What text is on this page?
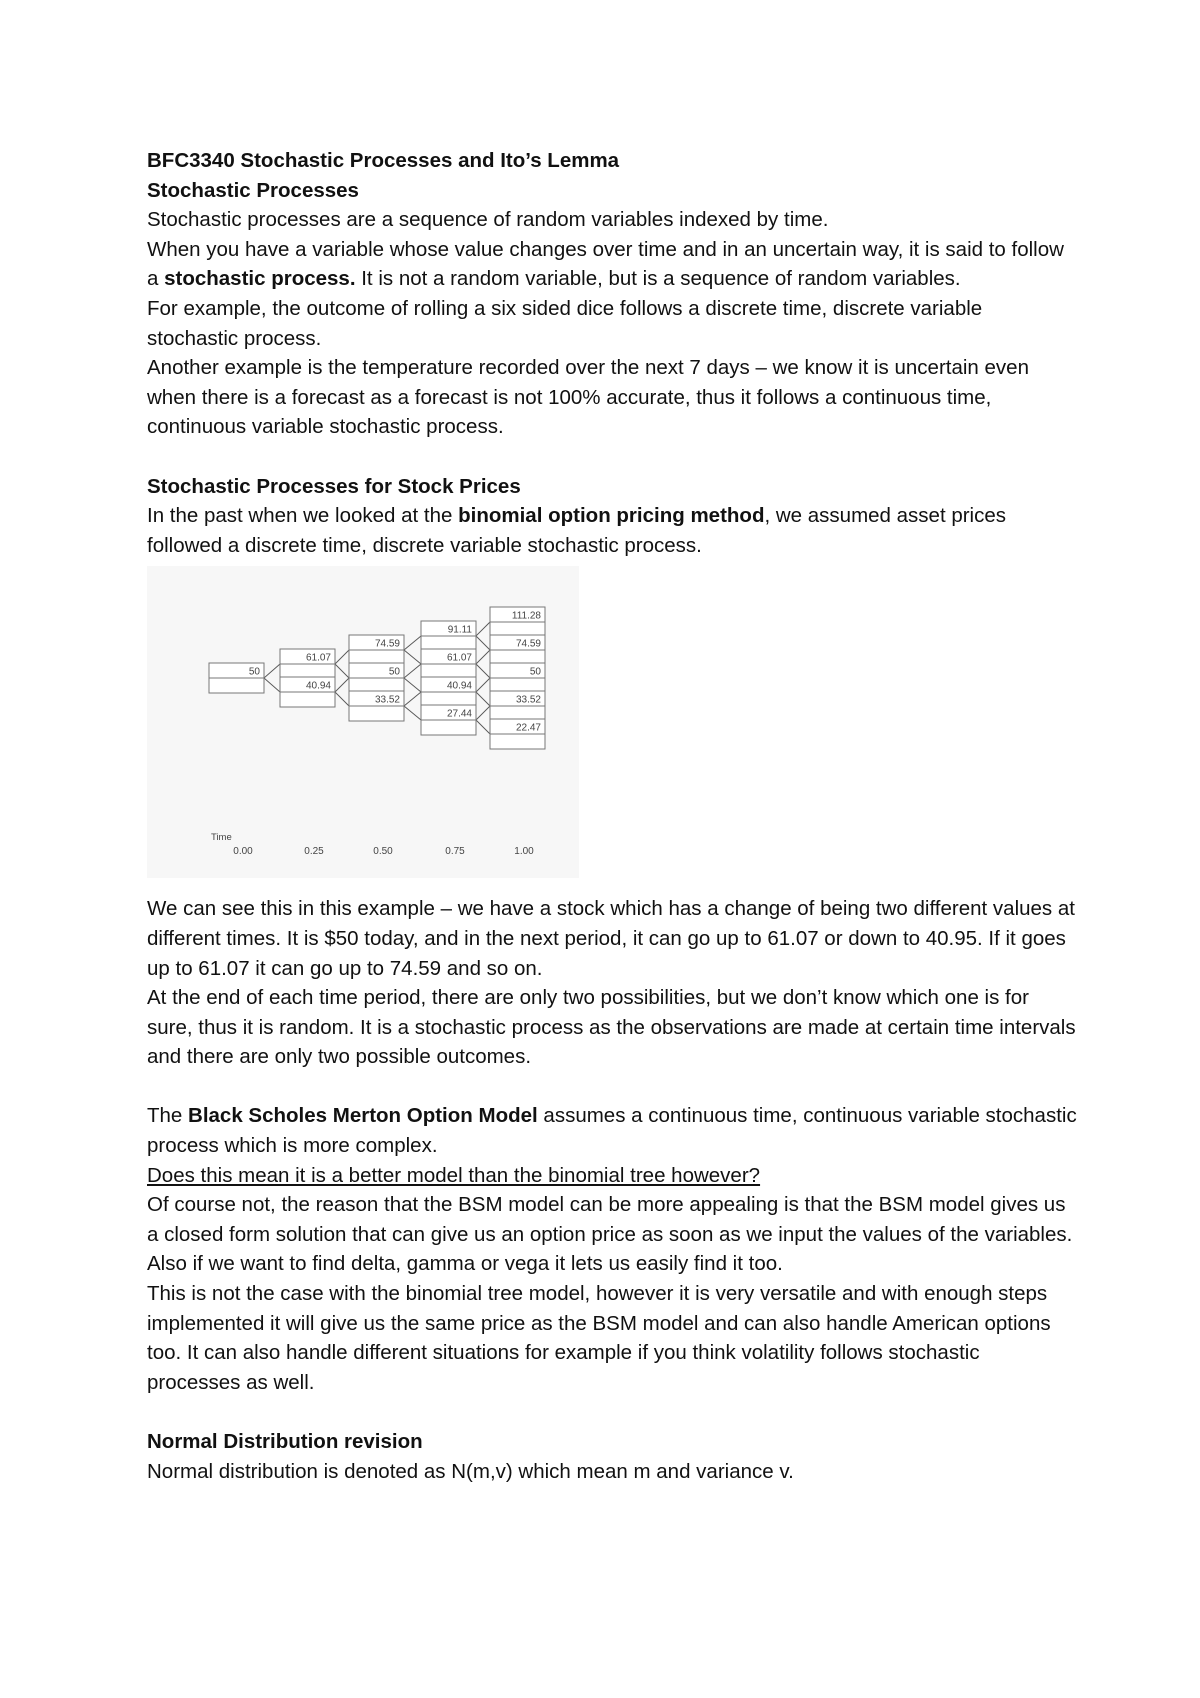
BFC3340 Stochastic Processes and Ito’s Lemma

Stochastic Processes

Stochastic processes are a sequence of random variables indexed by time.

When you have a variable whose value changes over time and in an uncertain way, it is said to follow a stochastic process. It is not a random variable, but is a sequence of random variables.

For example, the outcome of rolling a six sided dice follows a discrete time, discrete variable stochastic process.

Another example is the temperature recorded over the next 7 days – we know it is uncertain even when there is a forecast as a forecast is not 100% accurate, thus it follows a continuous time, continuous variable stochastic process.

Stochastic Processes for Stock Prices

In the past when we looked at the binomial option pricing method, we assumed asset prices followed a discrete time, discrete variable stochastic process.

50
61.07
40.94
74.59
50
33.52
91.11
61.07
40.94
27.44
111.28
74.59
50
33.52
22.47
Time
0.00	0.25	0.50	0.75	1.00

We can see this in this example – we have a stock which has a change of being two different values at different times. It is $50 today, and in the next period, it can go up to 61.07 or down to 40.95. If it goes up to 61.07 it can go up to 74.59 and so on.

At the end of each time period, there are only two possibilities, but we don’t know which one is for sure, thus it is random. It is a stochastic process as the observations are made at certain time intervals and there are only two possible outcomes.

The Black Scholes Merton Option Model assumes a continuous time, continuous variable stochastic process which is more complex.

Does this mean it is a better model than the binomial tree however?

Of course not, the reason that the BSM model can be more appealing is that the BSM model gives us a closed form solution that can give us an option price as soon as we input the values of the variables. Also if we want to find delta, gamma or vega it lets us easily find it too.

This is not the case with the binomial tree model, however it is very versatile and with enough steps implemented it will give us the same price as the BSM model and can also handle American options too. It can also handle different situations for example if you think volatility follows stochastic processes as well.

Normal Distribution revision

Normal distribution is denoted as N(m,v) which mean m and variance v.
